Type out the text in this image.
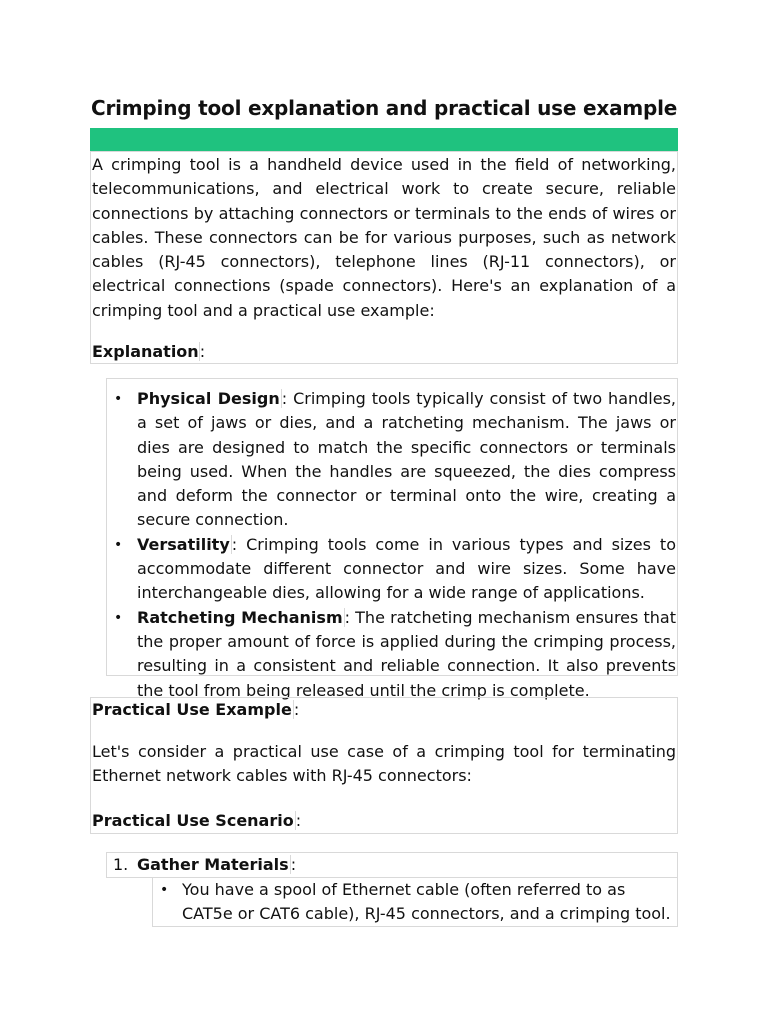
Crimping tool explanation and practical use example

A crimping tool is a handheld device used in the field of networking, telecommunications, and electrical work to create secure, reliable connections by attaching connectors or terminals to the ends of wires or cables. These connectors can be for various purposes, such as network cables (RJ-45 connectors), telephone lines (RJ-11 connectors), or electrical connections (spade connectors). Here's an explanation of a crimping tool and a practical use example:

Explanation:

• Physical Design : Crimping tools typically consist of two handles, a set of jaws or dies, and a ratcheting mechanism. The jaws or dies are designed to match the specific connectors or terminals being used. When the handles are squeezed, the dies compress and deform the connector or terminal onto the wire, creating a secure connection.
• Versatility : Crimping tools come in various types and sizes to accommodate different connector and wire sizes. Some have interchangeable dies, allowing for a wide range of applications.
• Ratcheting Mechanism : The ratcheting mechanism ensures that the proper amount of force is applied during the crimping process, resulting in a consistent and reliable connection. It also prevents the tool from being released until the crimp is complete.

Practical Use Example :

Let's consider a practical use case of a crimping tool for terminating Ethernet network cables with RJ-45 connectors:

Practical Use Scenario :

1. Gather Materials :
• You have a spool of Ethernet cable (often referred to as CAT5e or CAT6 cable), RJ-45 connectors, and a crimping tool.
